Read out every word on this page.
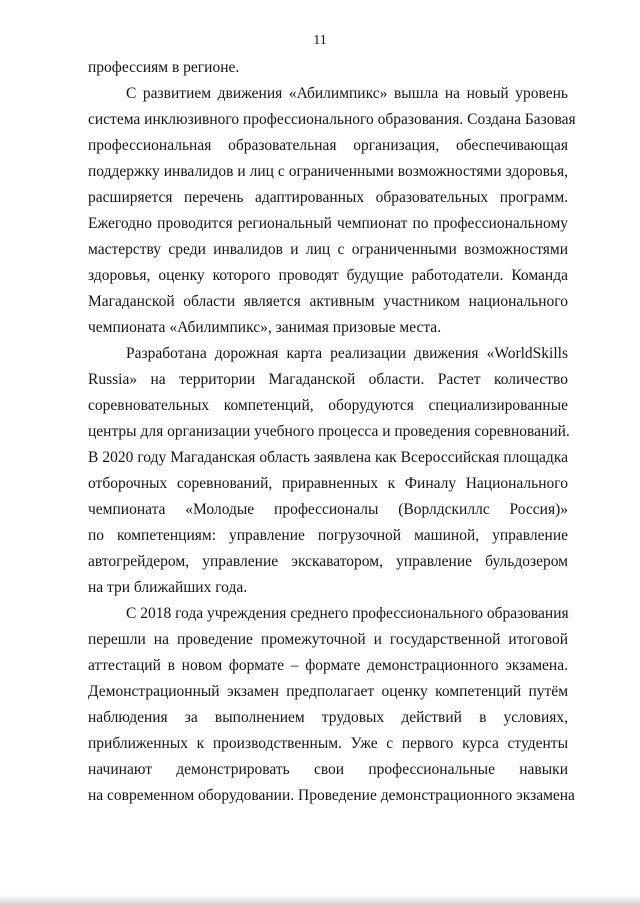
11
профессиям в регионе.
С развитием движения «Абилимпикс» вышла на новый уровень
система инклюзивного профессионального образования. Создана Базовая
профессиональная образовательная организация, обеспечивающая
поддержку инвалидов и лиц с ограниченными возможностями здоровья,
расширяется перечень адаптированных образовательных программ.
Ежегодно проводится региональный чемпионат по профессиональному
мастерству среди инвалидов и лиц с ограниченными возможностями
здоровья, оценку которого проводят будущие работодатели. Команда
Магаданской области является активным участником национального
чемпионата «Абилимпикс», занимая призовые места.
Разработана дорожная карта реализации движения «WorldSkills
Russia» на территории Магаданской области. Растет количество
соревновательных компетенций, оборудуются специализированные
центры для организации учебного процесса и проведения соревнований.
В 2020 году Магаданская область заявлена как Всероссийская площадка
отборочных соревнований, приравненных к Финалу Национального
чемпионата «Молодые профессионалы (Ворлдскиллс Россия)»
по компетенциям: управление погрузочной машиной, управление
автогрейдером, управление экскаватором, управление бульдозером
на три ближайших года.
С 2018 года учреждения среднего профессионального образования
перешли на проведение промежуточной и государственной итоговой
аттестаций в новом формате – формате демонстрационного экзамена.
Демонстрационный экзамен предполагает оценку компетенций путём
наблюдения за выполнением трудовых действий в условиях,
приближенных к производственным. Уже с первого курса студенты
начинают демонстрировать свои профессиональные навыки
на современном оборудовании. Проведение демонстрационного экзамена
